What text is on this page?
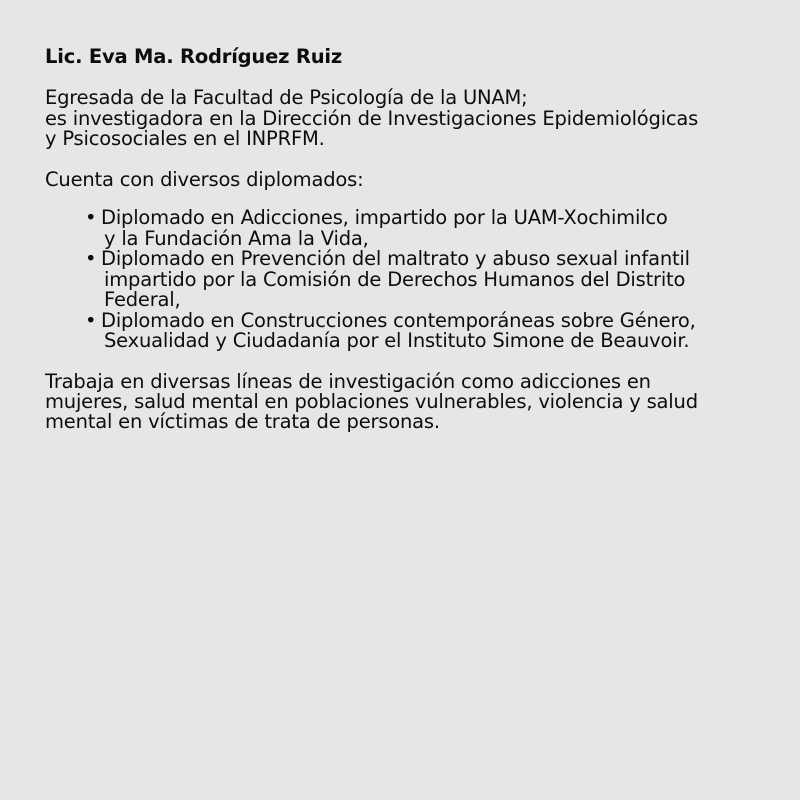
Lic. Eva Ma. Rodríguez Ruiz

Egresada de la Facultad de Psicología de la UNAM;
es investigadora en la Dirección de Investigaciones Epidemiológicas
y Psicosociales en el INPRFM.

Cuenta con diversos diplomados:

• Diplomado en Adicciones, impartido por la UAM-Xochimilco
y la Fundación Ama la Vida,
• Diplomado en Prevención del maltrato y abuso sexual infantil
impartido por la Comisión de Derechos Humanos del Distrito
Federal,
• Diplomado en Construcciones contemporáneas sobre Género,
Sexualidad y Ciudadanía por el Instituto Simone de Beauvoir.

Trabaja en diversas líneas de investigación como adicciones en
mujeres, salud mental en poblaciones vulnerables, violencia y salud
mental en víctimas de trata de personas.
